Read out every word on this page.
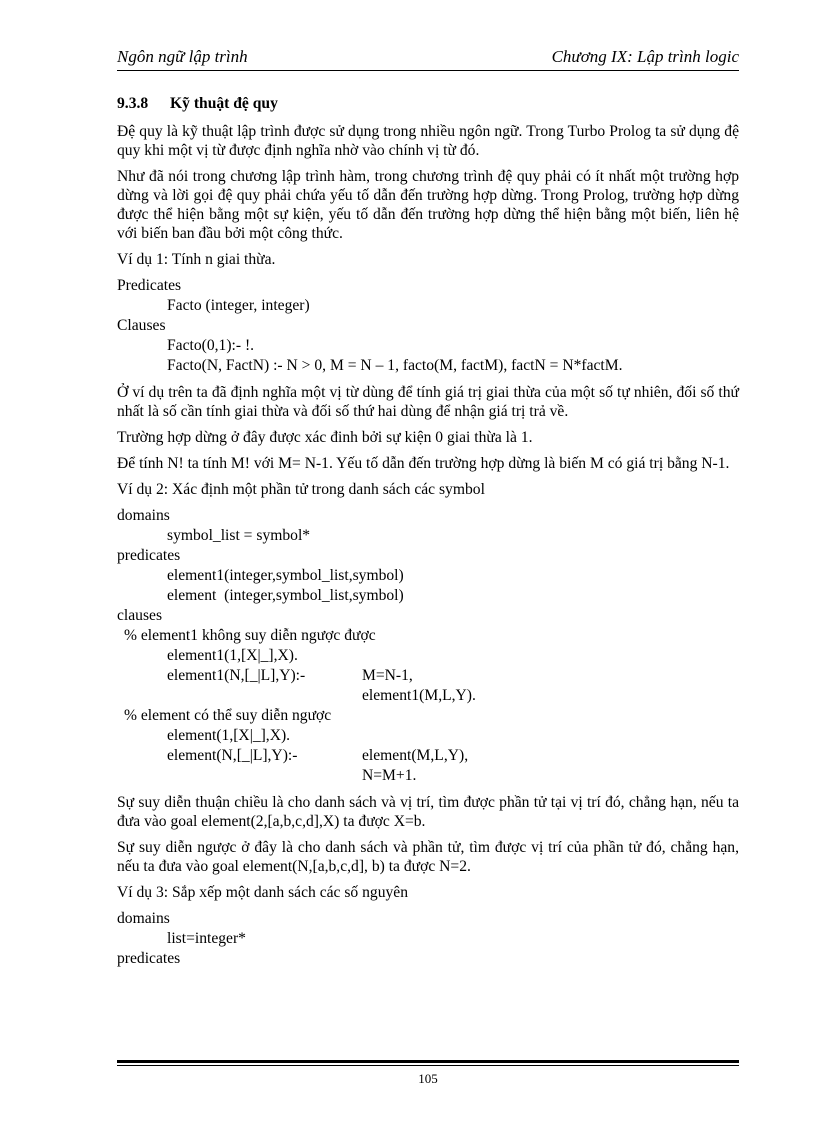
Ngôn ngữ lập trình	Chương IX: Lập trình logic
9.3.8 Kỹ thuật đệ quy

Đệ quy là kỹ thuật lập trình được sử dụng trong nhiều ngôn ngữ. Trong Turbo Prolog ta sử dụng đệ quy khi một vị từ được định nghĩa nhờ vào chính vị từ đó.

Như đã nói trong chương lập trình hàm, trong chương trình đệ quy phải có ít nhất một trường hợp dừng và lời gọi đệ quy phải chứa yếu tố dẫn đến trường hợp dừng. Trong Prolog, trường hợp dừng được thể hiện bằng một sự kiện, yếu tố dẫn đến trường hợp dừng thể hiện bằng một biến, liên hệ với biến ban đầu bởi một công thức.

Ví dụ 1: Tính n giai thừa.

Predicates
Facto (integer, integer)
Clauses
Facto(0,1):- !.
Facto(N, FactN) :- N > 0, M = N – 1, facto(M, factM), factN = N*factM.

Ở ví dụ trên ta đã định nghĩa một vị từ dùng để tính giá trị giai thừa của một số tự nhiên, đối số thứ nhất là số cần tính giai thừa và đối số thứ hai dùng để nhận giá trị trả về.

Trường hợp dừng ở đây được xác đinh bởi sự kiện 0 giai thừa là 1.

Để tính N! ta tính M! với M= N-1. Yếu tố dẫn đến trường hợp dừng là biến M có giá trị bằng N-1.

Ví dụ 2: Xác định một phần tử trong danh sách các symbol

domains
symbol_list = symbol*
predicates
element1(integer,symbol_list,symbol)
element  (integer,symbol_list,symbol)
clauses
% element1 không suy diễn ngược được
element1(1,[X|_],X).
element1(N,[_|L],Y):-	M=N-1,
element1(M,L,Y).
% element có thể suy diễn ngược
element(1,[X|_],X).
element(N,[_|L],Y):-	element(M,L,Y),
N=M+1.

Sự suy diễn thuận chiều là cho danh sách và vị trí, tìm được phần tử tại vị trí đó, chẳng hạn, nếu ta đưa vào goal element(2,[a,b,c,d],X) ta được X=b.

Sự suy diễn ngược ở đây là cho danh sách và phần tử, tìm được vị trí của phần tử đó, chẳng hạn, nếu ta đưa vào goal element(N,[a,b,c,d], b) ta được N=2.

Ví dụ 3: Sắp xếp một danh sách các số nguyên

domains
list=integer*
predicates
105
